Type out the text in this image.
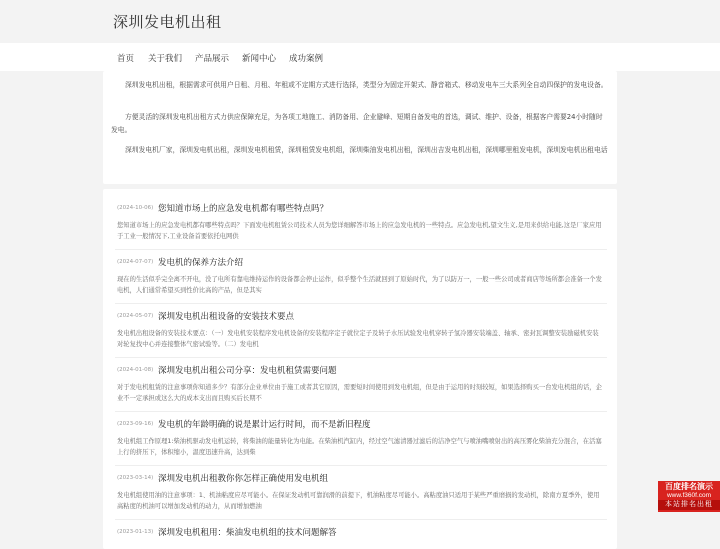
深圳发电机出租
首页 关于我们 产品展示 新闻中心 成功案例

深圳发电机出租，根据需求可供用户日租、月租、年租或不定期方式进行选择，类型分为固定开架式、静音箱式、移动发电车三大系列全自动四保护的发电设备。

方便灵活的深圳发电机出租方式力供应保障充足，为各项工地施工、消防备用、企业避峰、短期自备发电的首选，调试、维护、设备，根据客户需要24小时随时发电。

深圳发电机厂家，深圳发电机出租，深圳发电机租赁，深圳租赁发电机组，深圳柴油发电机出租，深圳出吉发电机出租，深圳哪里租发电机，深圳发电机出租电话

(2024-10-06) 您知道市场上的应急发电机都有哪些特点吗？

您知道市场上的应急发电机都有哪些特点吗？下面发电机租赁公司技术人员为您详细解答市场上的应急发电机的一些特点。应急发电机,望文生义,是用来供给电能,这是厂家应用于工业一般情况下,工业设备首要依托电网供

(2024-07-07) 发电机的保养方法介绍

现在的生活似乎完全离不开电，没了电所有靠电维持运作的设备都会停止运作，似乎整个生活就回到了原始时代，为了以防万一，一般一些公司或者商店等场所都会准备一个发电机，人们通常希望买到性价比高的产品，但是其实

(2024-05-07) 深圳发电机出租设备的安装技术要点

发电机出租设备的安装技术要点：（一）发电机安装程序发电机设备的安装程序定子就位定子及转子水压试验发电机穿转子氢冷器安装端盖、轴承、密封瓦调整安装励磁机安装对轮复找中心并连接整体气密试验等。（二）发电机

(2024-01-08) 深圳发电机出租公司分享：发电机租赁需要问题

对于发电机租赁的注意事项你知道多少？有部分企业单位由于施工或者其它原因，需要短时间使用到发电机组，但是由于运用的时刻较短，如果选择购买一台发电机组的话，企业不一定承担或这么大的成本支出而且购买后长期不

(2023-09-16) 发电机的年龄明确的说是累计运行时间，而不是新旧程度

发电机组工作原理1:柴油机驱动发电机运转，将柴油的能量转化为电能。在柴油机汽缸内，经过空气滤清器过滤后的洁净空气与喷油嘴喷射出的高压雾化柴油充分混合，在活塞上行的挤压下，体积缩小，温度迅速升高，达到柴

(2023-03-14) 深圳发电机出租教你你怎样正确使用发电机组

发电机组使用油的注意事项：1、机油粘度应尽可能小。在保证发动机可靠润滑的前提下，机油粘度尽可能小。高粘度油只适用于某些严重磨损的发动机，除南方夏季外，使用高粘度的机油可以增加发动机的动力，从而增加燃油

(2023-01-13) 深圳发电机租用：柴油发电机组的技术问题解答
百度排名演示
www.f360f.com
本站排名出租
